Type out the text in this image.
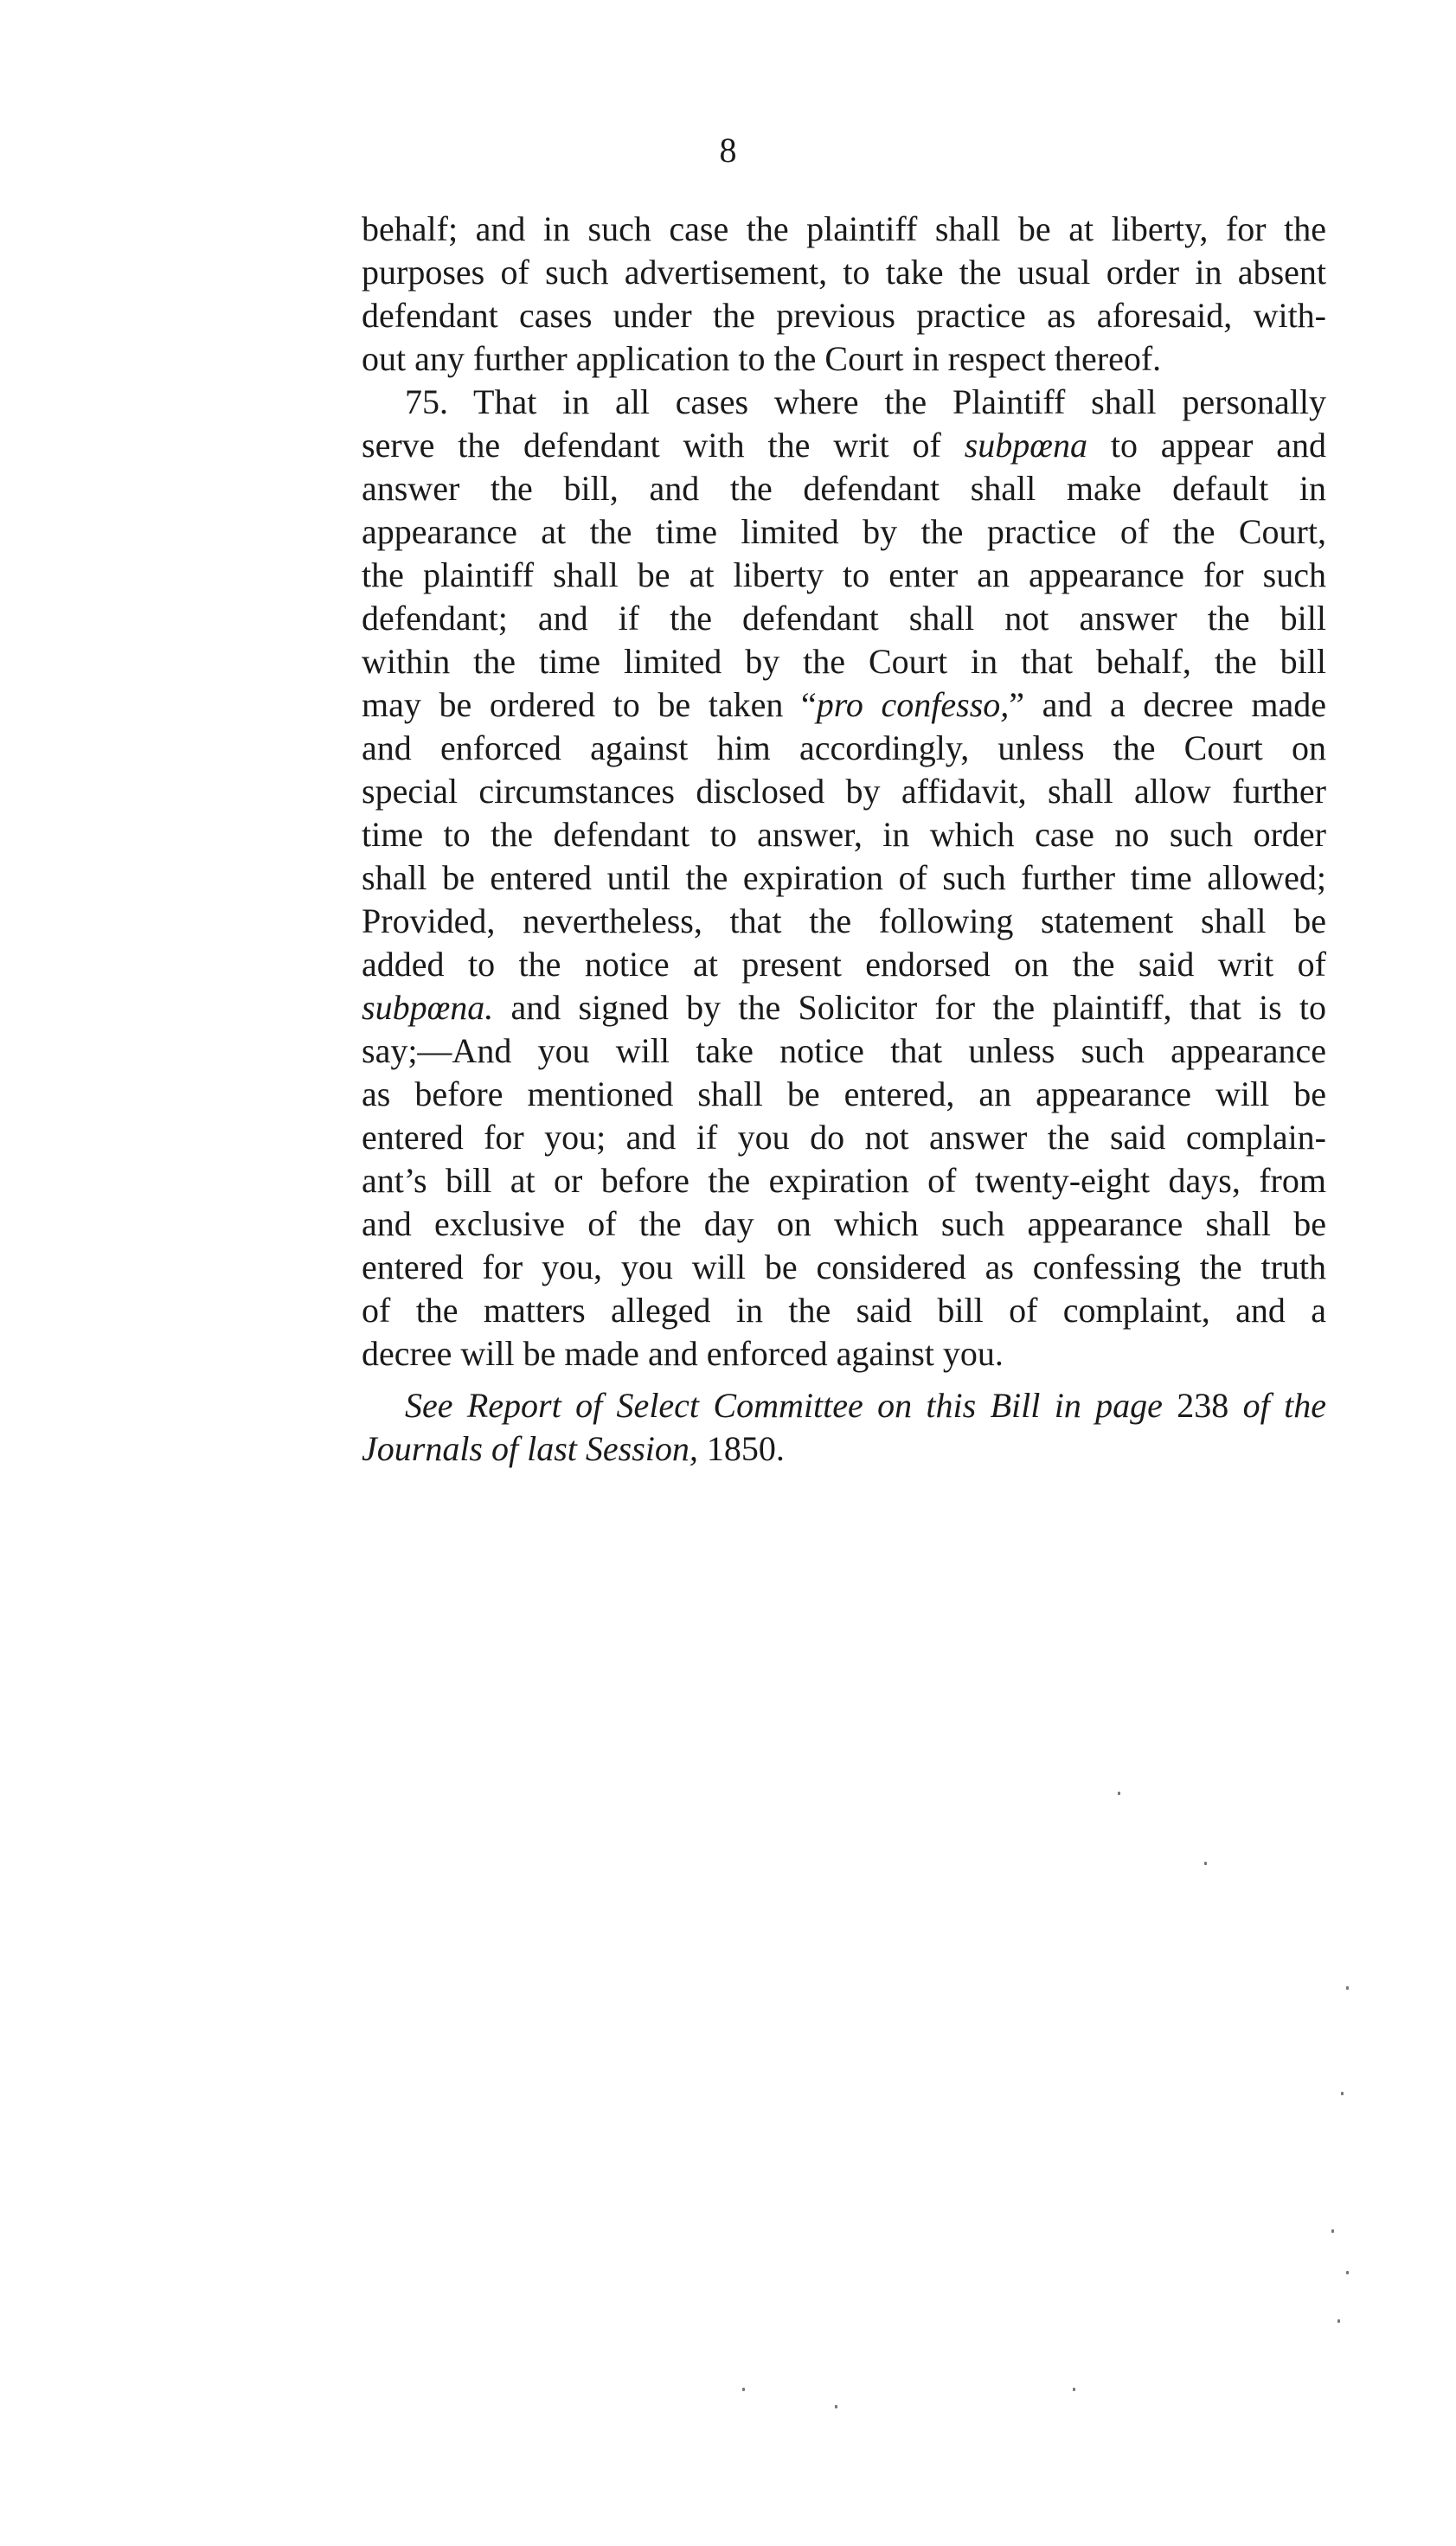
8
behalf; and in such case the plaintiff shall be at liberty, for the
purposes of such advertisement, to take the usual order in absent
defendant cases under the previous practice as aforesaid, with-
out any further application to the Court in respect thereof.
75. That in all cases where the Plaintiff shall personally
serve the defendant with the writ of subpœna to appear and
answer the bill, and the defendant shall make default in
appearance at the time limited by the practice of the Court,
the plaintiff shall be at liberty to enter an appearance for such
defendant; and if the defendant shall not answer the bill
within the time limited by the Court in that behalf, the bill
may be ordered to be taken “pro confesso,” and a decree made
and enforced against him accordingly, unless the Court on
special circumstances disclosed by affidavit, shall allow further
time to the defendant to answer, in which case no such order
shall be entered until the expiration of such further time allowed;
Provided, nevertheless, that the following statement shall be
added to the notice at present endorsed on the said writ of
subpœna. and signed by the Solicitor for the plaintiff, that is to
say;—And you will take notice that unless such appearance
as before mentioned shall be entered, an appearance will be
entered for you; and if you do not answer the said complain-
ant’s bill at or before the expiration of twenty-eight days, from
and exclusive of the day on which such appearance shall be
entered for you, you will be considered as confessing the truth
of the matters alleged in the said bill of complaint, and a
decree will be made and enforced against you.
See Report of Select Committee on this Bill in page 238 of the
Journals of last Session, 1850.
